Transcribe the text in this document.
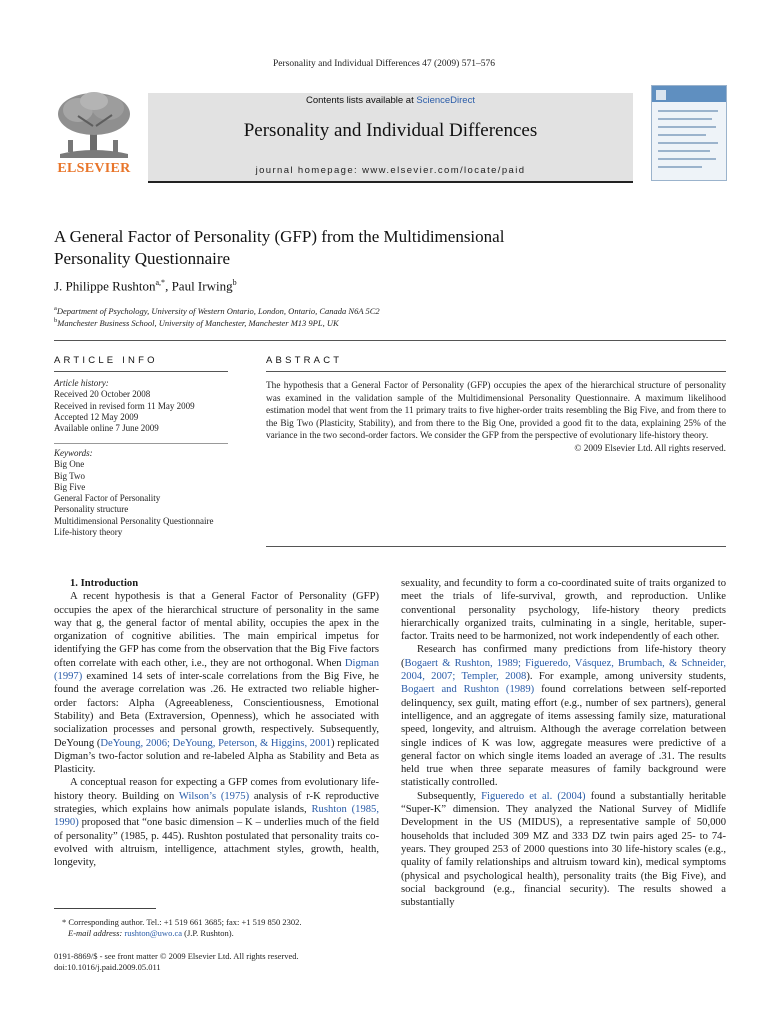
Personality and Individual Differences 47 (2009) 571–576
ELSEVIER
Contents lists available at ScienceDirect
Personality and Individual Differences
journal homepage: www.elsevier.com/locate/paid
A General Factor of Personality (GFP) from the Multidimensional
Personality Questionnaire
J. Philippe Rushton$^{a,*}$, Paul Irwing$^b$
$^a$Department of Psychology, University of Western Ontario, London, Ontario, Canada N6A 5C2
$^b$Manchester Business School, University of Manchester, Manchester M13 9PL, UK
ARTICLE INFO
Article history:
Received 20 October 2008
Received in revised form 11 May 2009
Accepted 12 May 2009
Available online 7 June 2009
Keywords:
Big One
Big Two
Big Five
General Factor of Personality
Personality structure
Multidimensional Personality Questionnaire
Life-history theory
ABSTRACT
The hypothesis that a General Factor of Personality (GFP) occupies the apex of the hierarchical structure of personality was examined in the validation sample of the Multidimensional Personality Questionnaire. A maximum likelihood estimation model that went from the 11 primary traits to five higher-order traits resembling the Big Five, and from there to the Big Two (Plasticity, Stability), and from there to the Big One, provided a good fit to the data, explaining 25% of the variance in the two second-order factors. We consider the GFP from the perspective of evolutionary life-history theory.
© 2009 Elsevier Ltd. All rights reserved.

1. Introduction

A recent hypothesis is that a General Factor of Personality (GFP) occupies the apex of the hierarchical structure of personality in the same way that g, the general factor of mental ability, occupies the apex in the organization of cognitive abilities. The main empirical impetus for identifying the GFP has come from the observation that the Big Five factors often correlate with each other, i.e., they are not orthogonal. When Digman (1997) examined 14 sets of inter-scale correlations from the Big Five, he found the average correlation was .26. He extracted two reliable higher-order factors: Alpha (Agreeableness, Conscientiousness, Emotional Stability) and Beta (Extraversion, Openness), which he associated with socialization processes and personal growth, respectively. Subsequently, DeYoung (DeYoung, 2006; DeYoung, Peterson, & Higgins, 2001) replicated Digman’s two-factor solution and re-labeled Alpha as Stability and Beta as Plasticity.

A conceptual reason for expecting a GFP comes from evolutionary life-history theory. Building on Wilson’s (1975) analysis of r-K reproductive strategies, which explains how animals populate islands, Rushton (1985, 1990) proposed that “one basic dimension – K – underlies much of the field of personality” (1985, p. 445). Rushton postulated that personality traits co-evolved with altruism, intelligence, attachment styles, growth, health, longevity,

sexuality, and fecundity to form a co-coordinated suite of traits organized to meet the trials of life-survival, growth, and reproduction. Unlike conventional personality psychology, life-history theory predicts hierarchically organized traits, culminating in a single, heritable, super-factor. Traits need to be harmonized, not work independently of each other.

Research has confirmed many predictions from life-history theory (Bogaert & Rushton, 1989; Figueredo, Vásquez, Brumbach, & Schneider, 2004, 2007; Templer, 2008). For example, among university students, Bogaert and Rushton (1989) found correlations between self-reported delinquency, sex guilt, mating effort (e.g., number of sex partners), general intelligence, and an aggregate of items assessing family size, maturational speed, longevity, and altruism. Although the average correlation between single indices of K was low, aggregate measures were predictive of a general factor on which single items loaded an average of .31. The results held true when three separate measures of family background were statistically controlled.

Subsequently, Figueredo et al. (2004) found a substantially heritable “Super-K” dimension. They analyzed the National Survey of Midlife Development in the US (MIDUS), a representative sample of 50,000 households that included 309 MZ and 333 DZ twin pairs aged 25- to 74-years. They grouped 253 of 2000 questions into 30 life-history scales (e.g., quality of family relationships and altruism toward kin), medical symptoms (physical and psychological health), personality traits (the Big Five), and social background (e.g., financial security). The results showed a substantially

* Corresponding author. Tel.: +1 519 661 3685; fax: +1 519 850 2302.
E-mail address: rushton@uwo.ca (J.P. Rushton).
0191-8869/$ - see front matter © 2009 Elsevier Ltd. All rights reserved.
doi:10.1016/j.paid.2009.05.011
